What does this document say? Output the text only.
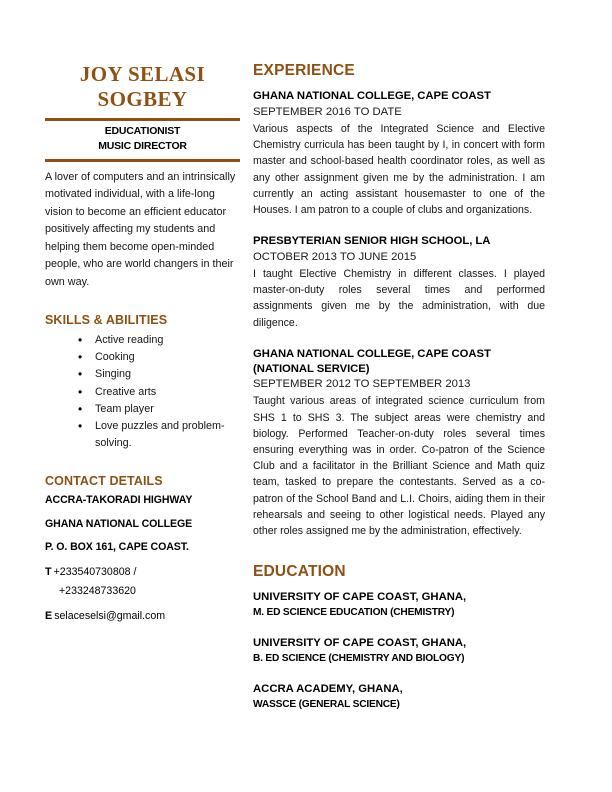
JOY SELASI
SOGBEY
EDUCATIONIST
MUSIC DIRECTOR
A lover of computers and an intrinsically motivated individual, with a life-long vision to become an efficient educator positively affecting my students and helping them become open-minded people, who are world changers in their own way.
SKILLS & ABILITIES
• Active reading
• Cooking
• Singing
• Creative arts
• Team player
• Love puzzles and problem-solving.
CONTACT DETAILS
ACCRA-TAKORADI HIGHWAY
GHANA NATIONAL COLLEGE
P. O. BOX 161, CAPE COAST.
T +233540730808 /
+233248733620
E selaceselsi@gmail.com
EXPERIENCE
GHANA NATIONAL COLLEGE, CAPE COAST
SEPTEMBER 2016 TO DATE
Various aspects of the Integrated Science and Elective Chemistry curricula has been taught by I, in concert with form master and school-based health coordinator roles, as well as any other assignment given me by the administration. I am currently an acting assistant housemaster to one of the Houses. I am patron to a couple of clubs and organizations.
PRESBYTERIAN SENIOR HIGH SCHOOL, LA
OCTOBER 2013 TO JUNE 2015
I taught Elective Chemistry in different classes. I played master-on-duty roles several times and performed assignments given me by the administration, with due diligence.
GHANA NATIONAL COLLEGE, CAPE COAST (NATIONAL SERVICE)
SEPTEMBER 2012 TO SEPTEMBER 2013
Taught various areas of integrated science curriculum from SHS 1 to SHS 3. The subject areas were chemistry and biology. Performed Teacher-on-duty roles several times ensuring everything was in order. Co-patron of the Science Club and a facilitator in the Brilliant Science and Math quiz team, tasked to prepare the contestants. Served as a co-patron of the School Band and L.I. Choirs, aiding them in their rehearsals and seeing to other logistical needs. Played any other roles assigned me by the administration, effectively.
EDUCATION
UNIVERSITY OF CAPE COAST, GHANA,
M. ED SCIENCE EDUCATION (CHEMISTRY)
UNIVERSITY OF CAPE COAST, GHANA,
B. ED SCIENCE (CHEMISTRY AND BIOLOGY)
ACCRA ACADEMY, GHANA,
WASSCE (GENERAL SCIENCE)
